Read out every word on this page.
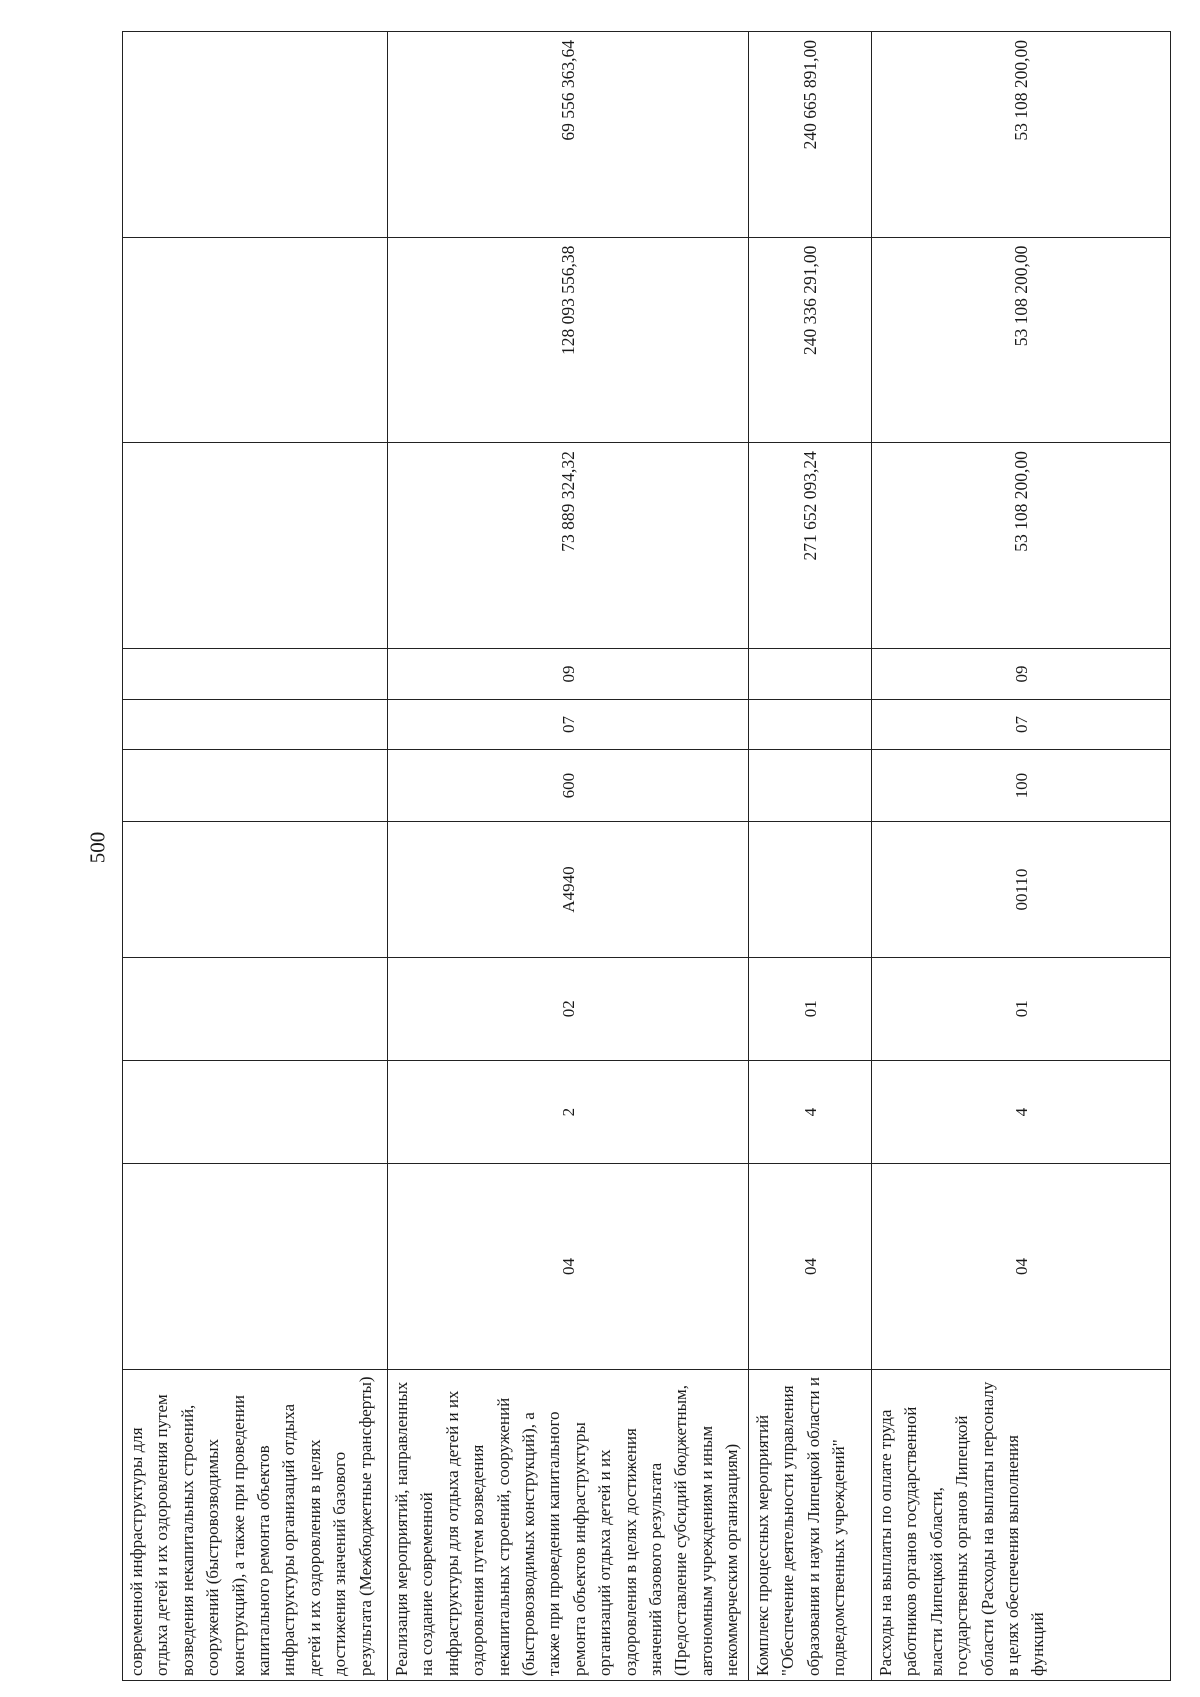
500
современной инфраструктуры для отдыха детей и их оздоровления путем возведения некапитальных строений, сооружений (быстровозводимых конструкций), а также при проведении капитального ремонта объектов инфраструктуры организаций отдыха детей и их оздоровления в целях достижения значений базового результата (Межбюджетные трансферты)										
Реализация мероприятий, направленных на создание современной инфраструктуры для отдыха детей и их оздоровления путем возведения некапитальных строений, сооружений (быстровозводимых конструкций), а также при проведении капитального ремонта объектов инфраструктуры организаций отдыха детей и их оздоровления в целях достижения значений базового результата (Предоставление субсидий бюджетным, автономным учреждениям и иным некоммерческим организациям)	04	2	02	А4940	600	07	09	73 889 324,32	128 093 556,38	69 556 363,64
Комплекс процессных мероприятий "Обеспечение деятельности управления образования и науки Липецкой области и подведомственных учреждений"	04	4	01					271 652 093,24	240 336 291,00	240 665 891,00
Расходы на выплаты по оплате труда работников органов государственной власти Липецкой области, государственных органов Липецкой области (Расходы на выплаты персоналу в целях обеспечения выполнения функций	04	4	01	00110	100	07	09	53 108 200,00	53 108 200,00	53 108 200,00
